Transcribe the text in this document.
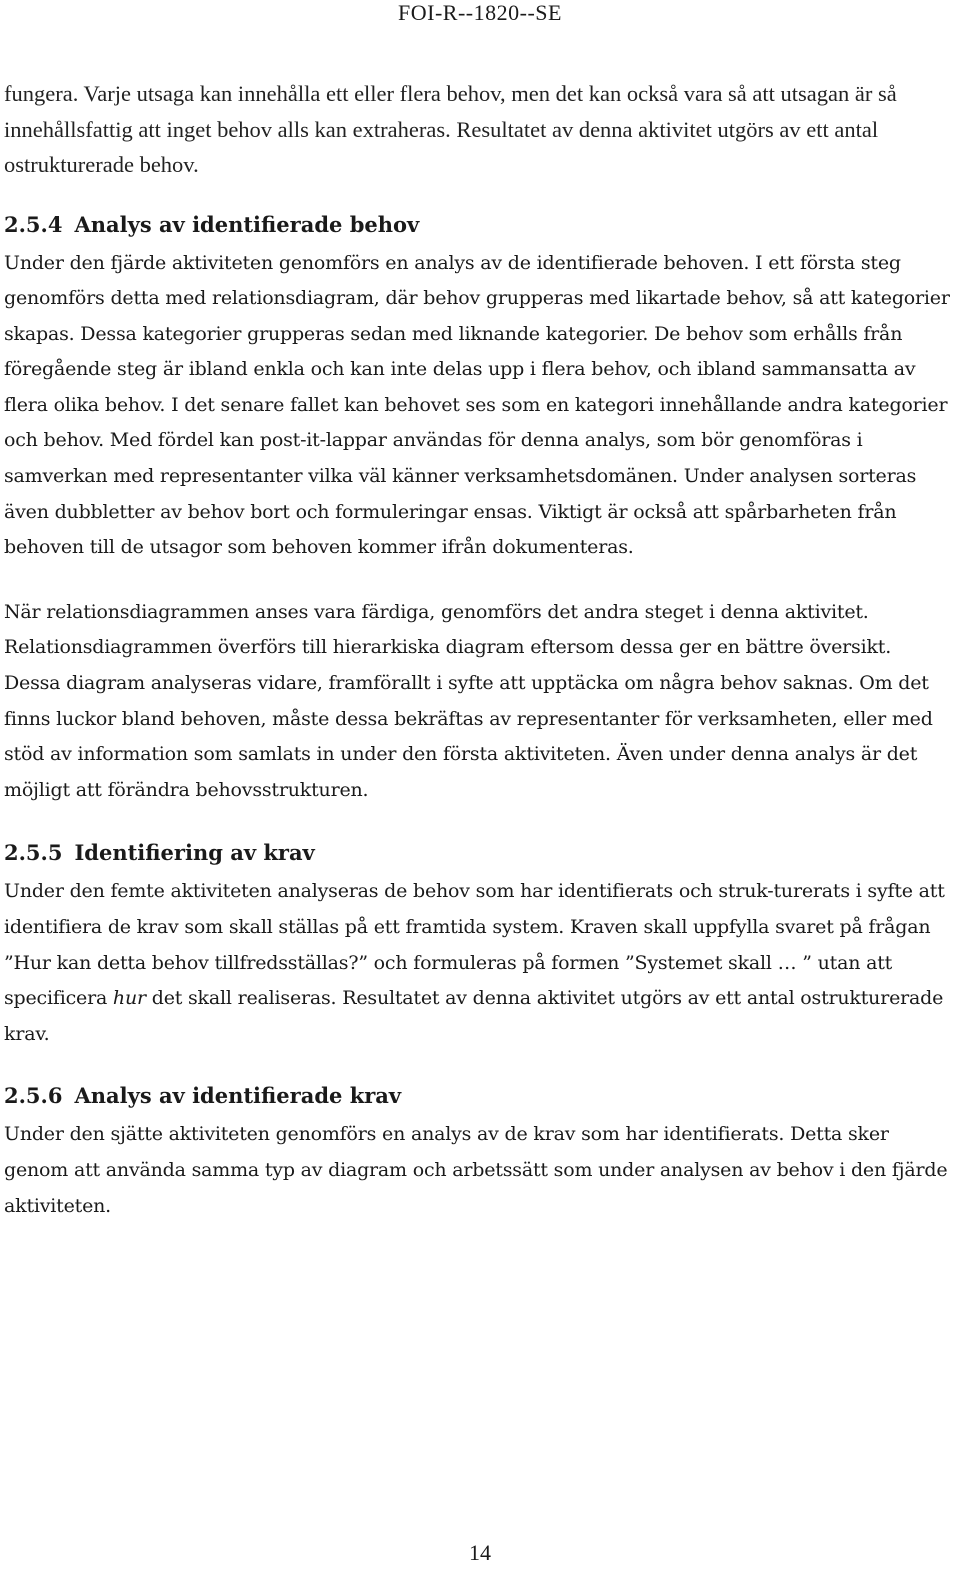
FOI-R--1820--SE

fungera. Varje utsaga kan innehålla ett eller flera behov, men det kan också vara så att utsagan är så innehållsfattig att inget behov alls kan extraheras. Resultatet av denna aktivitet utgörs av ett antal ostrukturerade behov.

2.5.4 Analys av identifierade behov

Under den fjärde aktiviteten genomförs en analys av de identifierade behoven. I ett första steg genomförs detta med relationsdiagram, där behov grupperas med likartade behov, så att kategorier skapas. Dessa kategorier grupperas sedan med liknande kategorier. De behov som erhålls från föregående steg är ibland enkla och kan inte delas upp i flera behov, och ibland sammansatta av flera olika behov. I det senare fallet kan behovet ses som en kategori innehållande andra kategorier och behov. Med fördel kan post-it-lappar användas för denna analys, som bör genomföras i samverkan med representanter vilka väl känner verksamhetsdomänen. Under analysen sorteras även dubbletter av behov bort och formuleringar ensas. Viktigt är också att spårbarheten från behoven till de utsagor som behoven kommer ifrån dokumenteras.

När relationsdiagrammen anses vara färdiga, genomförs det andra steget i denna aktivitet. Relationsdiagrammen överförs till hierarkiska diagram eftersom dessa ger en bättre översikt. Dessa diagram analyseras vidare, framförallt i syfte att upptäcka om några behov saknas. Om det finns luckor bland behoven, måste dessa bekräftas av representanter för verksamheten, eller med stöd av information som samlats in under den första aktiviteten. Även under denna analys är det möjligt att förändra behovsstrukturen.

2.5.5 Identifiering av krav

Under den femte aktiviteten analyseras de behov som har identifierats och struk-turerats i syfte att identifiera de krav som skall ställas på ett framtida system. Kraven skall uppfylla svaret på frågan ”Hur kan detta behov tillfredsställas?” och formuleras på formen ”Systemet skall … ” utan att specificera hur det skall realiseras. Resultatet av denna aktivitet utgörs av ett antal ostrukturerade krav.

2.5.6 Analys av identifierade krav

Under den sjätte aktiviteten genomförs en analys av de krav som har identifierats. Detta sker genom att använda samma typ av diagram och arbetssätt som under analysen av behov i den fjärde aktiviteten.

14
